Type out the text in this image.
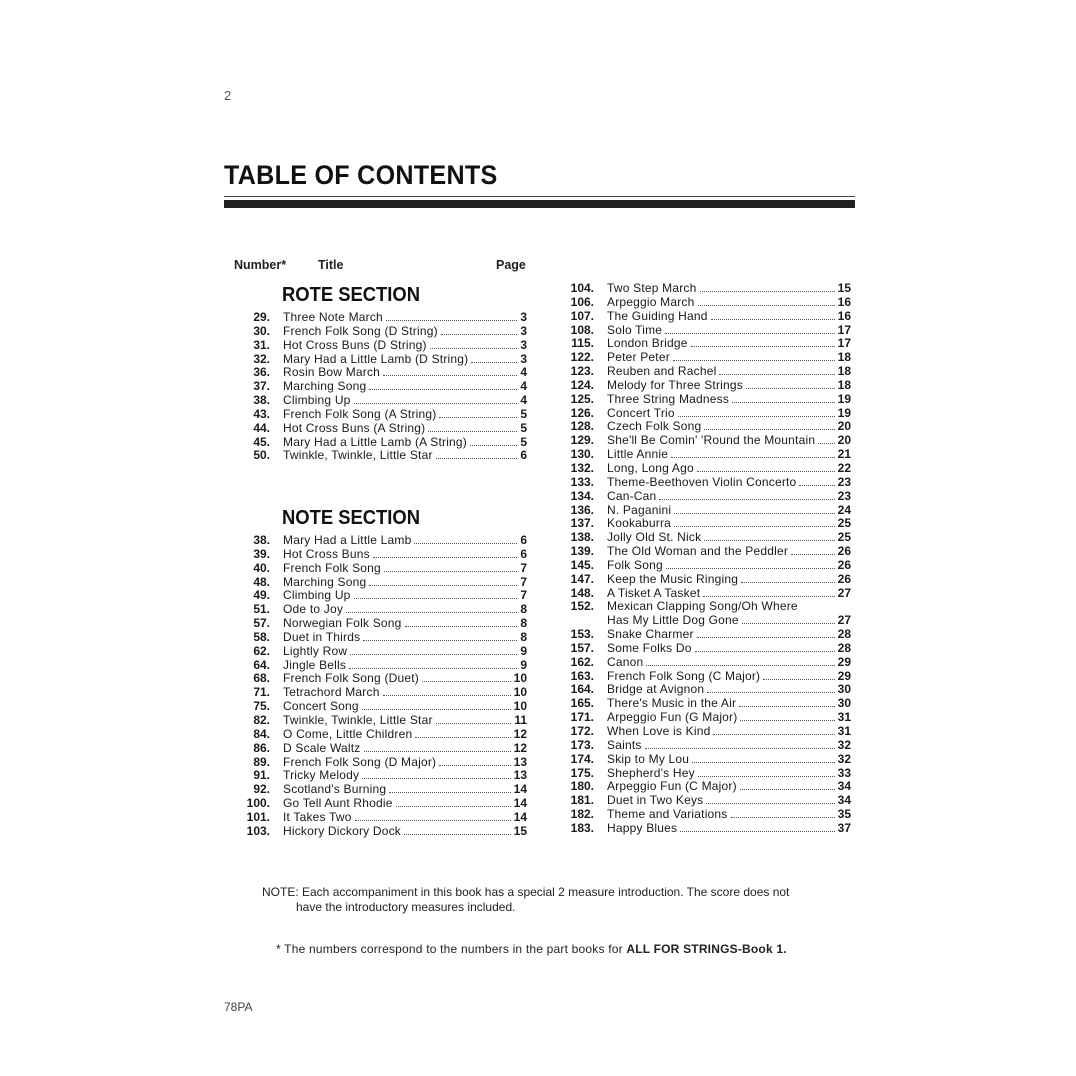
2
TABLE OF CONTENTS
Number*	Title	Page
ROTE SECTION
29. Three Note March	3
30. French Folk Song (D String)	3
31. Hot Cross Buns (D String)	3
32. Mary Had a Little Lamb (D String)	3
36. Rosin Bow March	4
37. Marching Song	4
38. Climbing Up	4
43. French Folk Song (A String)	5
44. Hot Cross Buns (A String)	5
45. Mary Had a Little Lamb (A String)	5
50. Twinkle, Twinkle, Little Star	6
NOTE SECTION
38. Mary Had a Little Lamb	6
39. Hot Cross Buns	6
40. French Folk Song	7
48. Marching Song	7
49. Climbing Up	7
51. Ode to Joy	8
57. Norwegian Folk Song	8
58. Duet in Thirds	8
62. Lightly Row	9
64. Jingle Bells	9
68. French Folk Song (Duet)	10
71. Tetrachord March	10
75. Concert Song	10
82. Twinkle, Twinkle, Little Star	11
84. O Come, Little Children	12
86. D Scale Waltz	12
89. French Folk Song (D Major)	13
91. Tricky Melody	13
92. Scotland's Burning	14
100. Go Tell Aunt Rhodie	14
101. It Takes Two	14
103. Hickory Dickory Dock	15
104. Two Step March	15
106. Arpeggio March	16
107. The Guiding Hand	16
108. Solo Time	17
115. London Bridge	17
122. Peter Peter	18
123. Reuben and Rachel	18
124. Melody for Three Strings	18
125. Three String Madness	19
126. Concert Trio	19
128. Czech Folk Song	20
129. She'll Be Comin' 'Round the Mountain 20
130. Little Annie	21
132. Long, Long Ago	22
133. Theme-Beethoven Violin Concerto	23
134. Can-Can	23
136. N. Paganini	24
137. Kookaburra	25
138. Jolly Old St. Nick	25
139. The Old Woman and the Peddler	26
145. Folk Song	26
147. Keep the Music Ringing	26
148. A Tisket A Tasket	27
152. Mexican Clapping Song/Oh Where
Has My Little Dog Gone	27
153. Snake Charmer	28
157. Some Folks Do	28
162. Canon	29
163. French Folk Song (C Major)	29
164. Bridge at Avignon	30
165. There's Music in the Air	30
171. Arpeggio Fun (G Major)	31
172. When Love is Kind	31
173. Saints	32
174. Skip to My Lou	32
175. Shepherd's Hey	33
180. Arpeggio Fun (C Major)	34
181. Duet in Two Keys	34
182. Theme and Variations	35
183. Happy Blues	37
NOTE: Each accompaniment in this book has a special 2 measure introduction. The score does not
have the introductory measures included.
* The numbers correspond to the numbers in the part books for ALL FOR STRINGS-Book 1.
78PA
